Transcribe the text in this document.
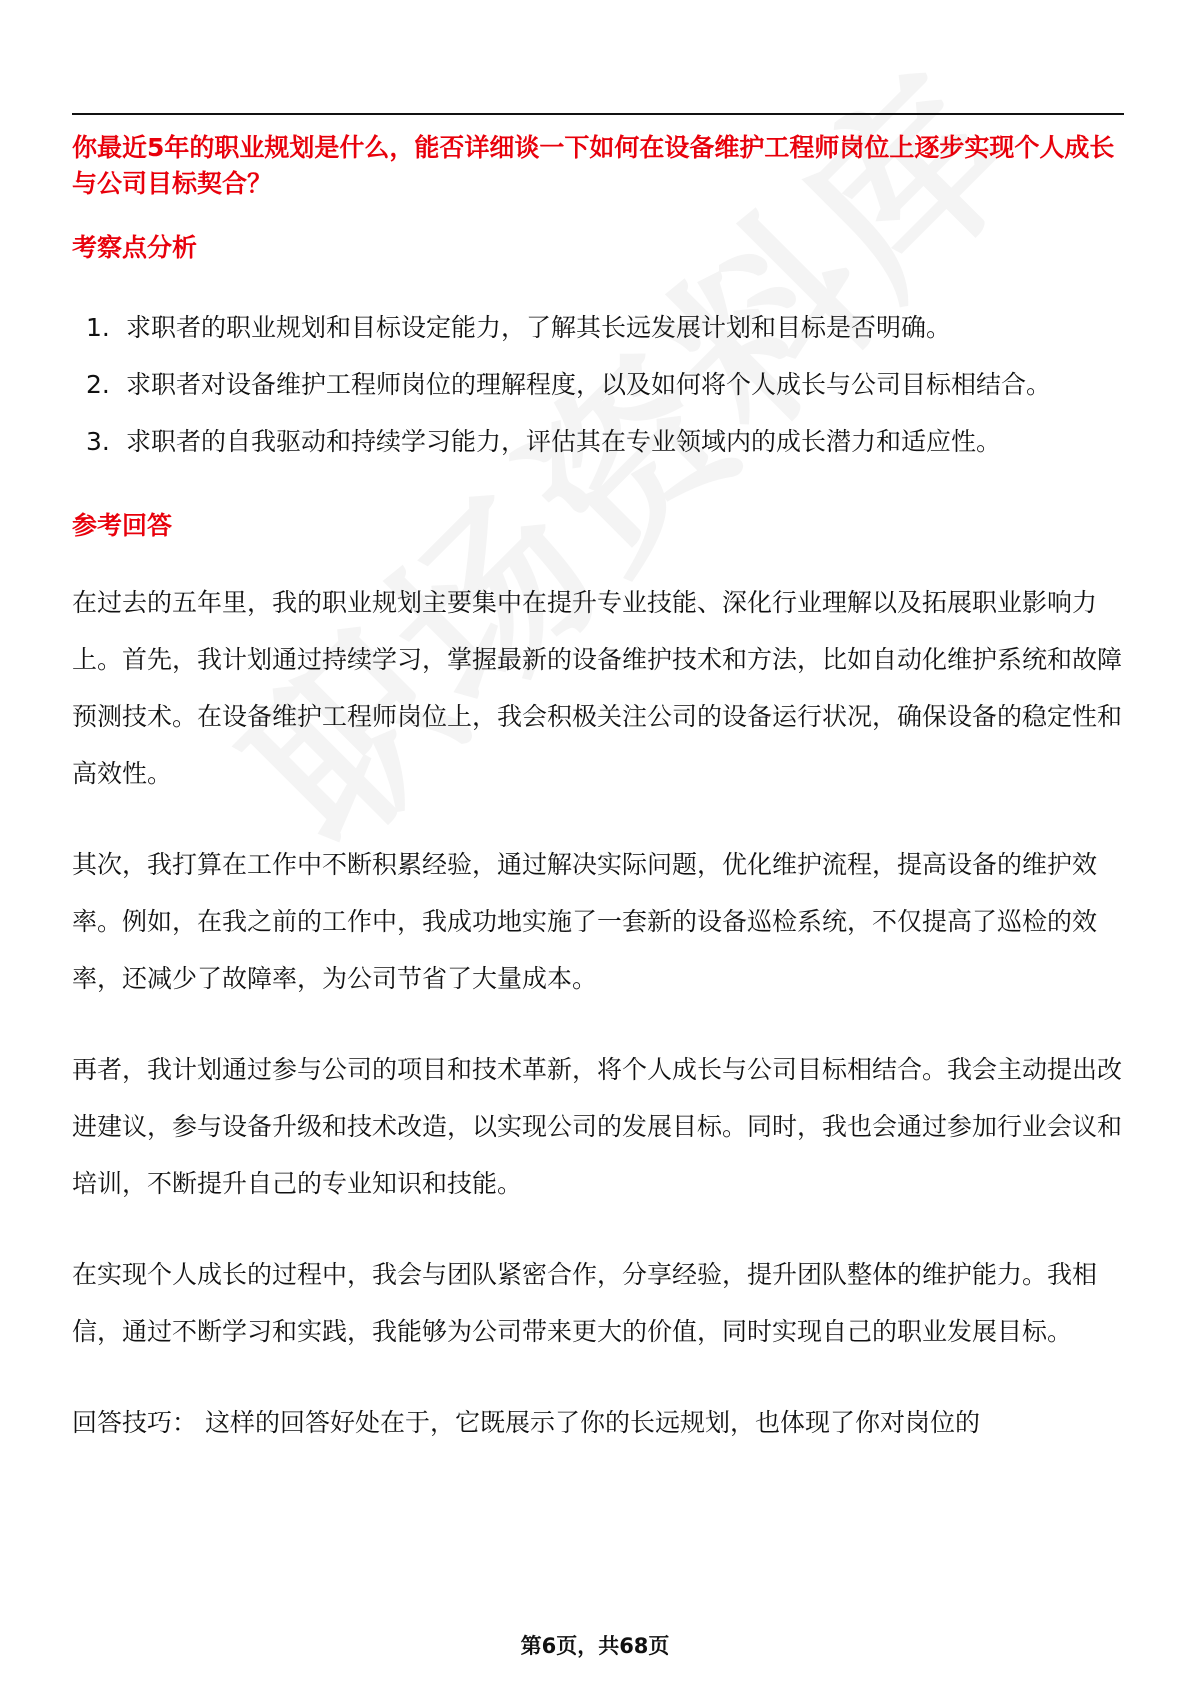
你最近5年的职业规划是什么，能否详细谈一下如何在设备维护工程师岗位上逐步实现个人成长与公司目标契合？

考察点分析

1. 求职者的职业规划和目标设定能力，了解其长远发展计划和目标是否明确。
2. 求职者对设备维护工程师岗位的理解程度，以及如何将个人成长与公司目标相结合。
3. 求职者的自我驱动和持续学习能力，评估其在专业领域内的成长潜力和适应性。

参考回答

在过去的五年里，我的职业规划主要集中在提升专业技能、深化行业理解以及拓展职业影响力上。首先，我计划通过持续学习，掌握最新的设备维护技术和方法，比如自动化维护系统和故障预测技术。在设备维护工程师岗位上，我会积极关注公司的设备运行状况，确保设备的稳定性和高效性。

其次，我打算在工作中不断积累经验，通过解决实际问题，优化维护流程，提高设备的维护效率。例如，在我之前的工作中，我成功地实施了一套新的设备巡检系统，不仅提高了巡检的效率，还减少了故障率，为公司节省了大量成本。

再者，我计划通过参与公司的项目和技术革新，将个人成长与公司目标相结合。我会主动提出改进建议，参与设备升级和技术改造，以实现公司的发展目标。同时，我也会通过参加行业会议和培训，不断提升自己的专业知识和技能。

在实现个人成长的过程中，我会与团队紧密合作，分享经验，提升团队整体的维护能力。我相信，通过不断学习和实践，我能够为公司带来更大的价值，同时实现自己的职业发展目标。

回答技巧： 这样的回答好处在于，它既展示了你的长远规划，也体现了你对岗位的

第6页，共68页
